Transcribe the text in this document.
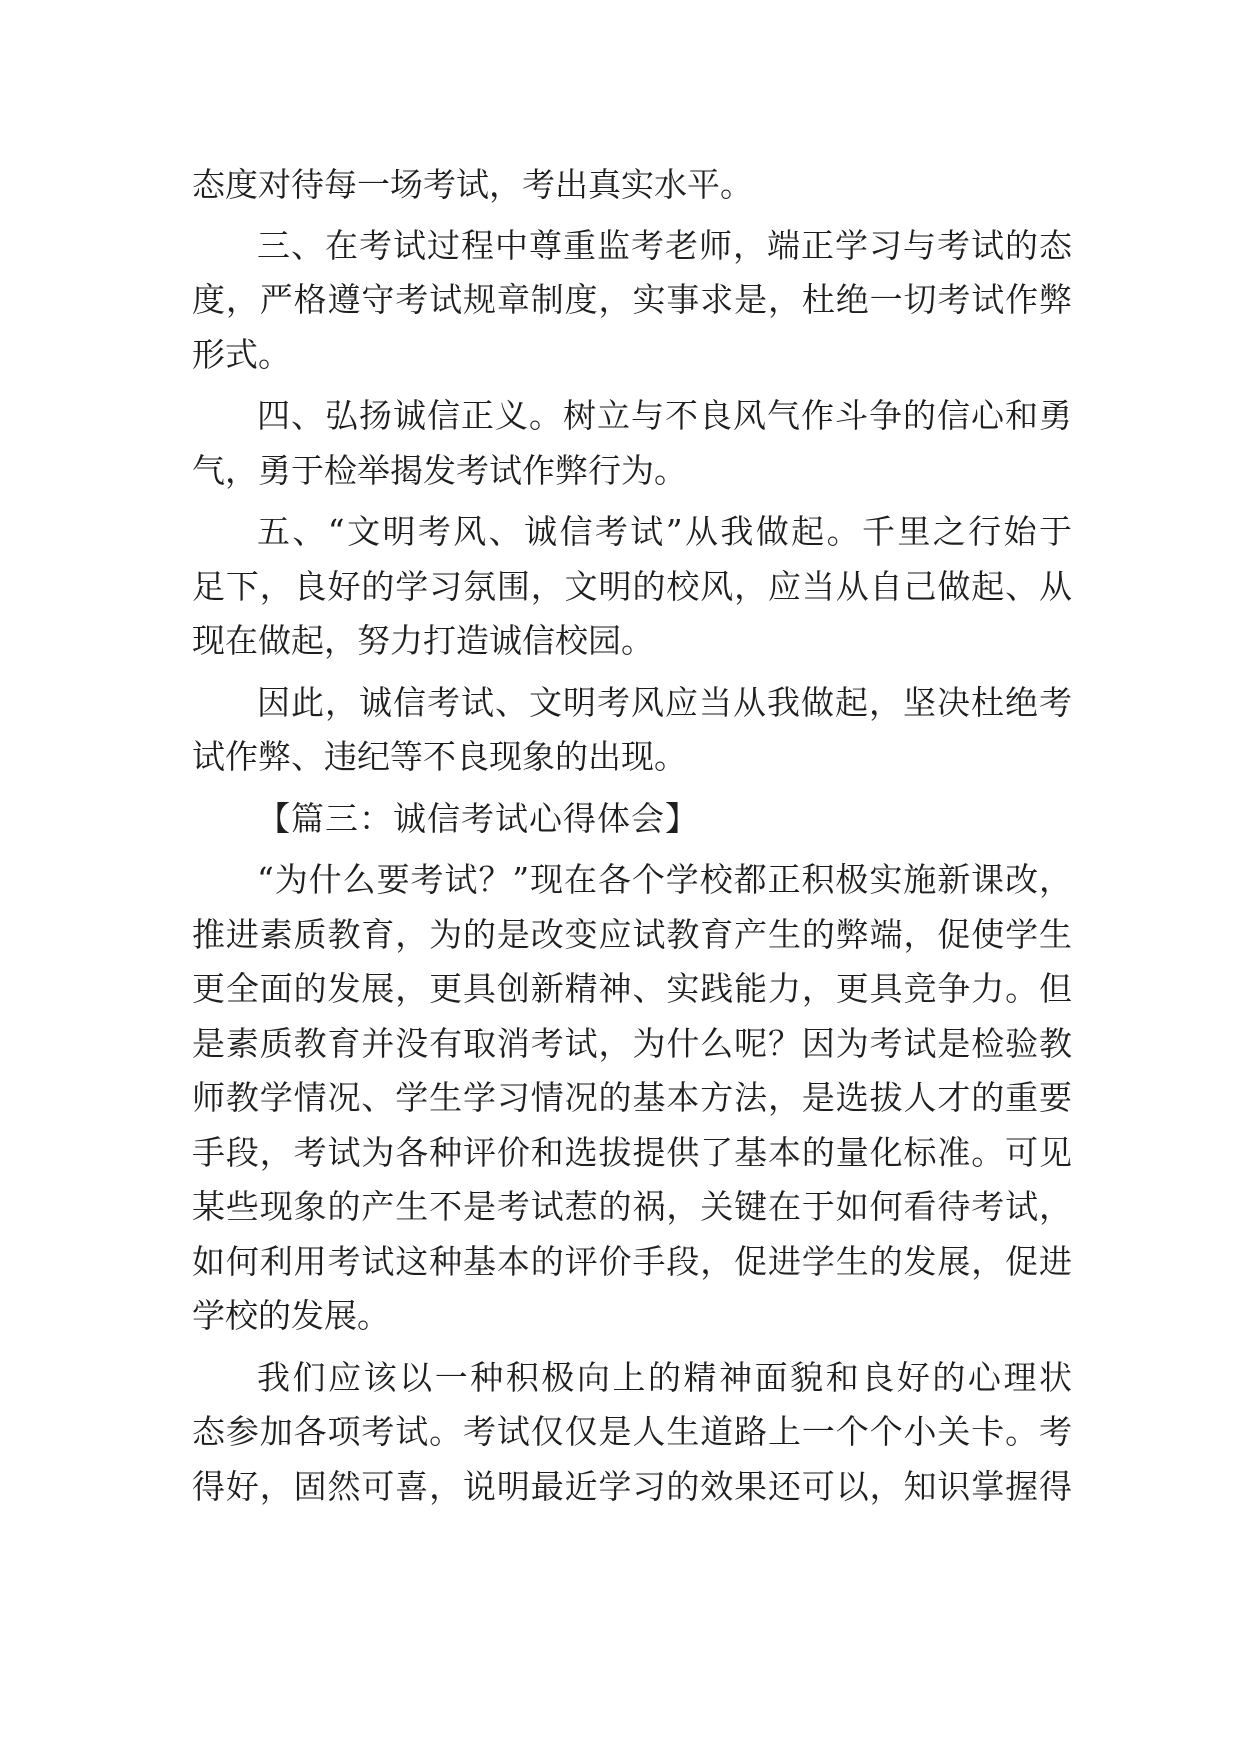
态度对待每一场考试，考出真实水平。
三、在考试过程中尊重监考老师，端正学习与考试的态
度，严格遵守考试规章制度，实事求是，杜绝一切考试作弊
形式。
四、弘扬诚信正义。树立与不良风气作斗争的信心和勇
气，勇于检举揭发考试作弊行为。
五、“文明考风、诚信考试”从我做起。千里之行始于
足下，良好的学习氛围，文明的校风，应当从自己做起、从
现在做起，努力打造诚信校园。
因此，诚信考试、文明考风应当从我做起，坚决杜绝考
试作弊、违纪等不良现象的出现。
【篇三：诚信考试心得体会】
“为什么要考试？”现在各个学校都正积极实施新课改，
推进素质教育，为的是改变应试教育产生的弊端，促使学生
更全面的发展，更具创新精神、实践能力，更具竞争力。但
是素质教育并没有取消考试，为什么呢？因为考试是检验教
师教学情况、学生学习情况的基本方法，是选拔人才的重要
手段，考试为各种评价和选拔提供了基本的量化标准。可见
某些现象的产生不是考试惹的祸，关键在于如何看待考试，
如何利用考试这种基本的评价手段，促进学生的发展，促进
学校的发展。
我们应该以一种积极向上的精神面貌和良好的心理状
态参加各项考试。考试仅仅是人生道路上一个个小关卡。考
得好，固然可喜，说明最近学习的效果还可以，知识掌握得
